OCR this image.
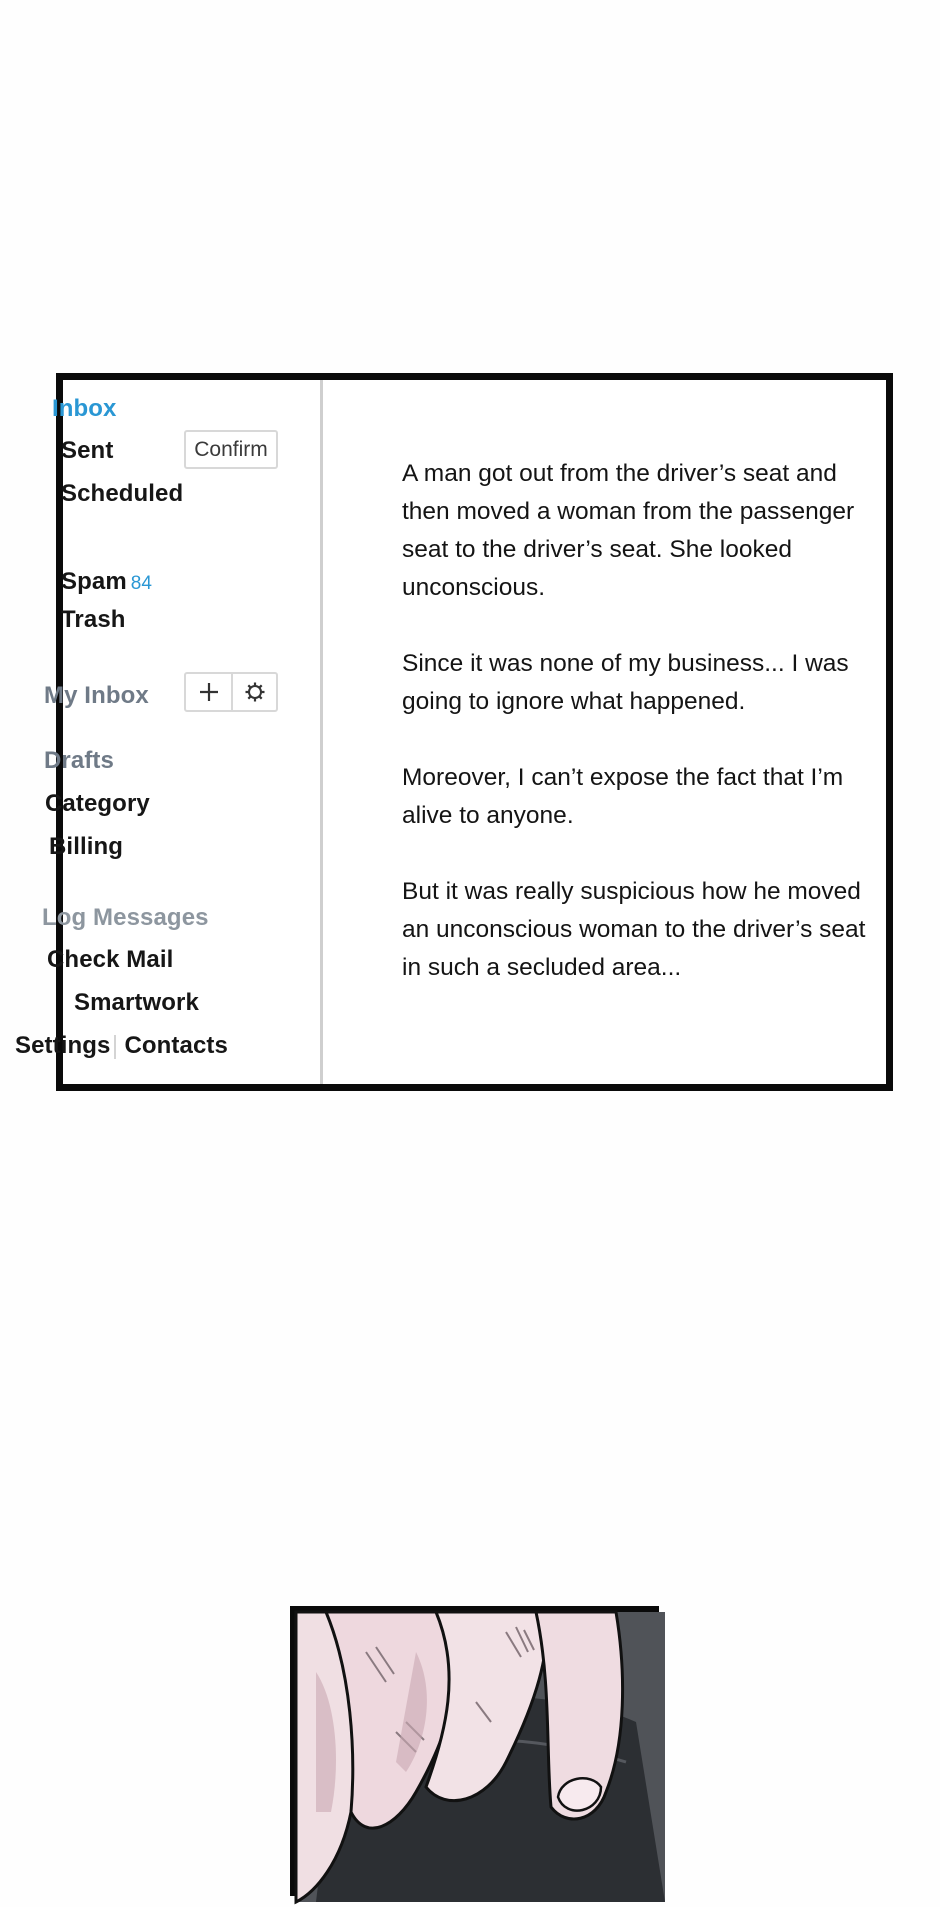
Inbox
Sent	Confirm
Scheduled
Spam 84
Trash
My Inbox
Drafts
Category
Billing
Log Messages
Check Mail
Smartwork
Settings Contacts

A man got out from the driver’s seat and then moved a woman from the passenger seat to the driver’s seat. She looked unconscious.

Since it was none of my business... I was going to ignore what happened.

Moreover, I can’t expose the fact that I’m alive to anyone.

But it was really suspicious how he moved an unconscious woman to the driver’s seat in such a secluded area...
